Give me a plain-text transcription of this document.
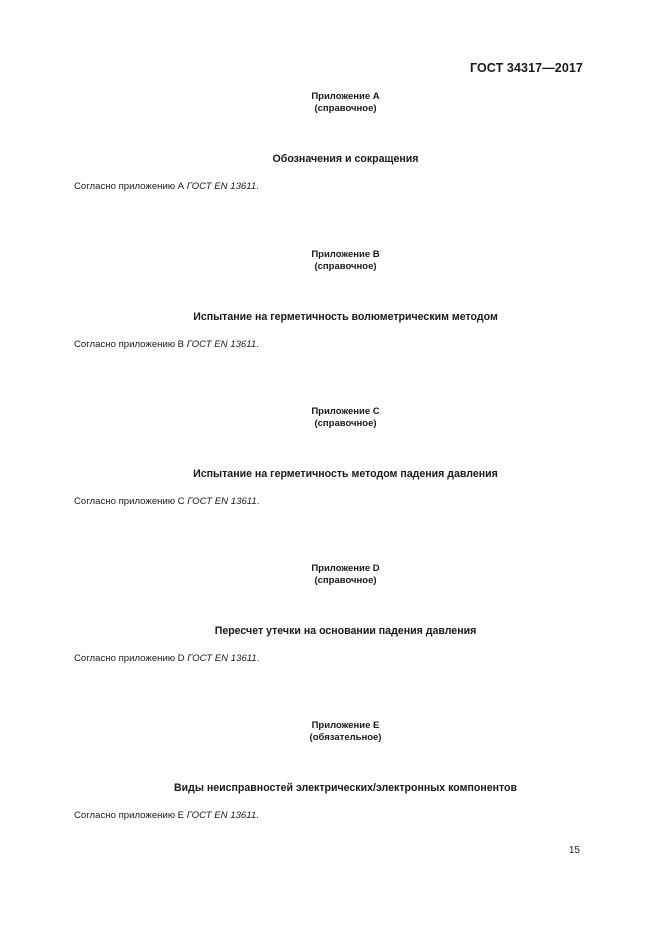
ГОСТ 34317—2017
Приложение А
(справочное)
Обозначения и сокращения
Согласно приложению А ГОСТ EN 13611.
Приложение В
(справочное)
Испытание на герметичность волюметрическим методом
Согласно приложению В ГОСТ EN 13611.
Приложение С
(справочное)
Испытание на герметичность методом падения давления
Согласно приложению С ГОСТ EN 13611.
Приложение D
(справочное)
Пересчет утечки на основании падения давления
Согласно приложению D ГОСТ EN 13611.
Приложение Е
(обязательное)
Виды неисправностей электрических/электронных компонентов
Согласно приложению Е ГОСТ EN 13611.
15
